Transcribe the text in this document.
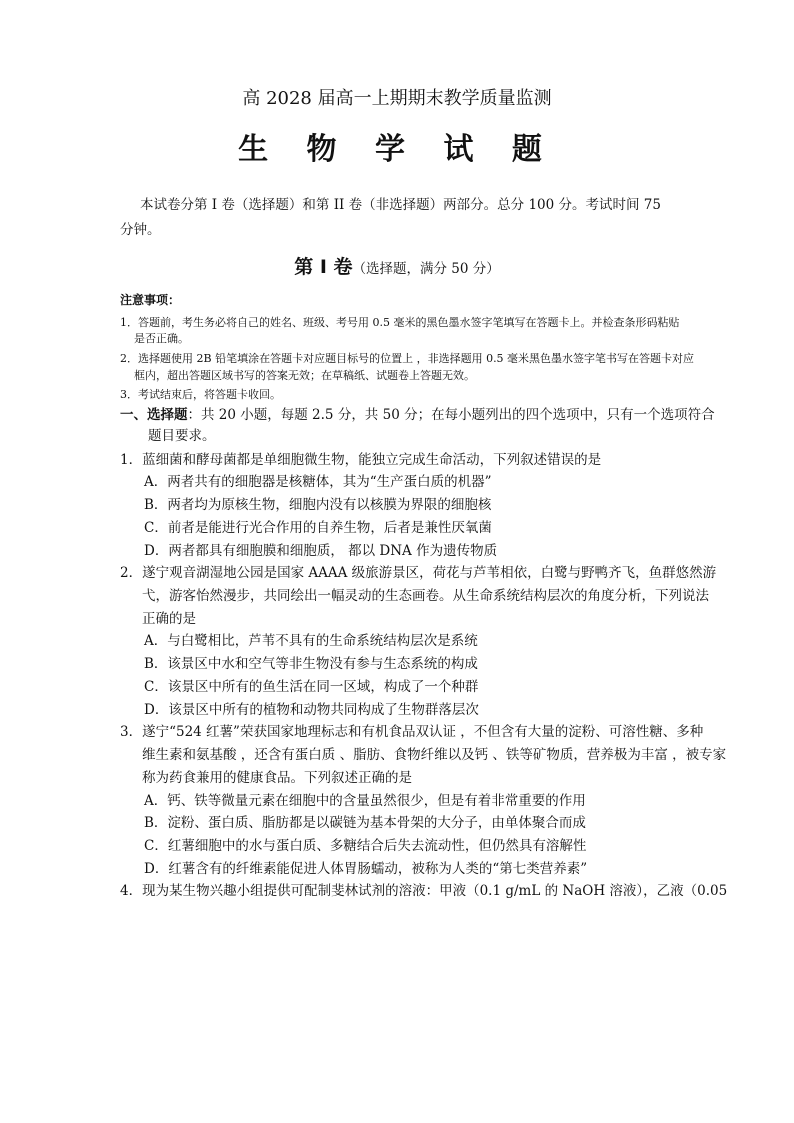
高 2028 届高一上期期末教学质量监测
生 物 学 试 题
本试卷分第 I 卷（选择题）和第 II 卷（非选择题）两部分。总分 100 分。考试时间 75
分钟。
第 Ⅰ 卷（选择题，满分 50 分）
注意事项：
1．答题前，考生务必将自己的姓名、班级、考号用 0.5 毫米的黑色墨水签字笔填写在答题卡上。并检查条形码粘贴
是否正确。
2．选择题使用 2B 铅笔填涂在答题卡对应题目标号的位置上 ，非选择题用 0.5 毫米黑色墨水签字笔书写在答题卡对应
框内，超出答题区域书写的答案无效；在草稿纸、试题卷上答题无效。
3．考试结束后，将答题卡收回。
一、选择题：共 20 小题，每题 2.5 分，共 50 分；在每小题列出的四个选项中，只有一个选项符合
题目要求。
1．蓝细菌和酵母菌都是单细胞微生物，能独立完成生命活动，下列叙述错误的是
A．两者共有的细胞器是核糖体，其为“生产蛋白质的机器”
B．两者均为原核生物，细胞内没有以核膜为界限的细胞核
C．前者是能进行光合作用的自养生物，后者是兼性厌氧菌
D．两者都具有细胞膜和细胞质， 都以 DNA 作为遗传物质
2．遂宁观音湖湿地公园是国家 AAAA 级旅游景区，荷花与芦苇相依，白鹭与野鸭齐飞，鱼群悠然游
弋，游客怡然漫步，共同绘出一幅灵动的生态画卷。从生命系统结构层次的角度分析，下列说法
正确的是
A．与白鹭相比，芦苇不具有的生命系统结构层次是系统
B．该景区中水和空气等非生物没有参与生态系统的构成
C．该景区中所有的鱼生活在同一区域，构成了一个种群
D．该景区中所有的植物和动物共同构成了生物群落层次
3．遂宁“524 红薯”荣获国家地理标志和有机食品双认证 ，不但含有大量的淀粉、可溶性糖、多种
维生素和氨基酸 ，还含有蛋白质 、脂肪、食物纤维以及钙 、铁等矿物质，营养极为丰富 ，被专家
称为药食兼用的健康食品。下列叙述正确的是
A．钙、铁等微量元素在细胞中的含量虽然很少，但是有着非常重要的作用
B．淀粉、蛋白质、脂肪都是以碳链为基本骨架的大分子，由单体聚合而成
C．红薯细胞中的水与蛋白质、多糖结合后失去流动性，但仍然具有溶解性
D．红薯含有的纤维素能促进人体胃肠蠕动，被称为人类的“第七类营养素”
4．现为某生物兴趣小组提供可配制斐林试剂的溶液：甲液（0.1 g/mL 的 NaOH 溶液），乙液（0.05
